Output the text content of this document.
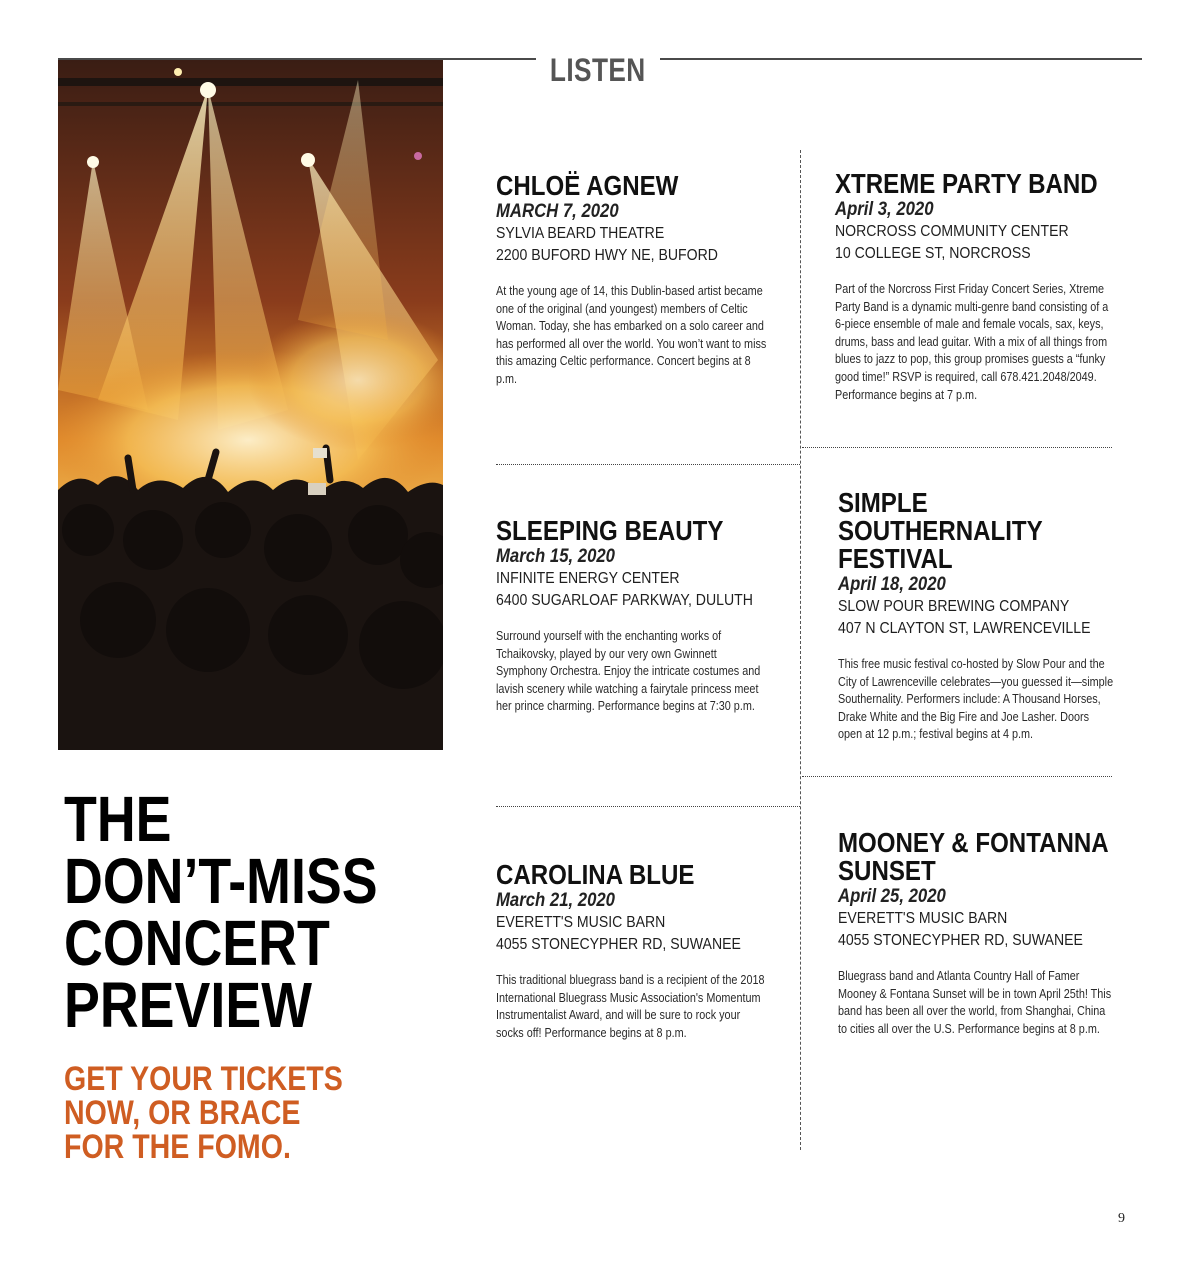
LISTEN
THE
DON’T-MISS
CONCERT
PREVIEW
GET YOUR TICKETS
NOW, OR BRACE
FOR THE FOMO.
CHLOË AGNEW
MARCH 7, 2020
SYLVIA BEARD THEATRE
2200 BUFORD HWY NE, BUFORD
At the young age of 14, this Dublin-based artist became one of the original (and youngest) members of Celtic Woman. Today, she has embarked on a solo career and has performed all over the world. You won’t want to miss this amazing Celtic performance. Concert begins at 8 p.m.
XTREME PARTY BAND
April 3, 2020
NORCROSS COMMUNITY CENTER
10 COLLEGE ST, NORCROSS
Part of the Norcross First Friday Concert Series, Xtreme Party Band is a dynamic multi-genre band consisting of a 6-piece ensemble of male and female vocals, sax, keys, drums, bass and lead guitar. With a mix of all things from blues to jazz to pop, this group promises guests a “funky good time!” RSVP is required, call 678.421.2048/2049. Performance begins at 7 p.m.
SLEEPING BEAUTY
March 15, 2020
INFINITE ENERGY CENTER
6400 SUGARLOAF PARKWAY, DULUTH
Surround yourself with the enchanting works of Tchaikovsky, played by our very own Gwinnett Symphony Orchestra. Enjoy the intricate costumes and lavish scenery while watching a fairytale princess meet her prince charming. Performance begins at 7:30 p.m.
SIMPLE
SOUTHERNALITY
FESTIVAL
April 18, 2020
SLOW POUR BREWING COMPANY
407 N CLAYTON ST, LAWRENCEVILLE
This free music festival co-hosted by Slow Pour and the City of Lawrenceville celebrates—you guessed it—simple Southernality. Performers include: A Thousand Horses, Drake White and the Big Fire and Joe Lasher. Doors open at 12 p.m.; festival begins at 4 p.m.
CAROLINA BLUE
March 21, 2020
EVERETT'S MUSIC BARN
4055 STONECYPHER RD, SUWANEE
This traditional bluegrass band is a recipient of the 2018 International Bluegrass Music Association's Momentum Instrumentalist Award, and will be sure to rock your socks off! Performance begins at 8 p.m.
MOONEY & FONTANNA
SUNSET
April 25, 2020
EVERETT'S MUSIC BARN
4055 STONECYPHER RD, SUWANEE
Bluegrass band and Atlanta Country Hall of Famer Mooney & Fontana Sunset will be in town April 25th! This band has been all over the world, from Shanghai, China to cities all over the U.S. Performance begins at 8 p.m.
9
